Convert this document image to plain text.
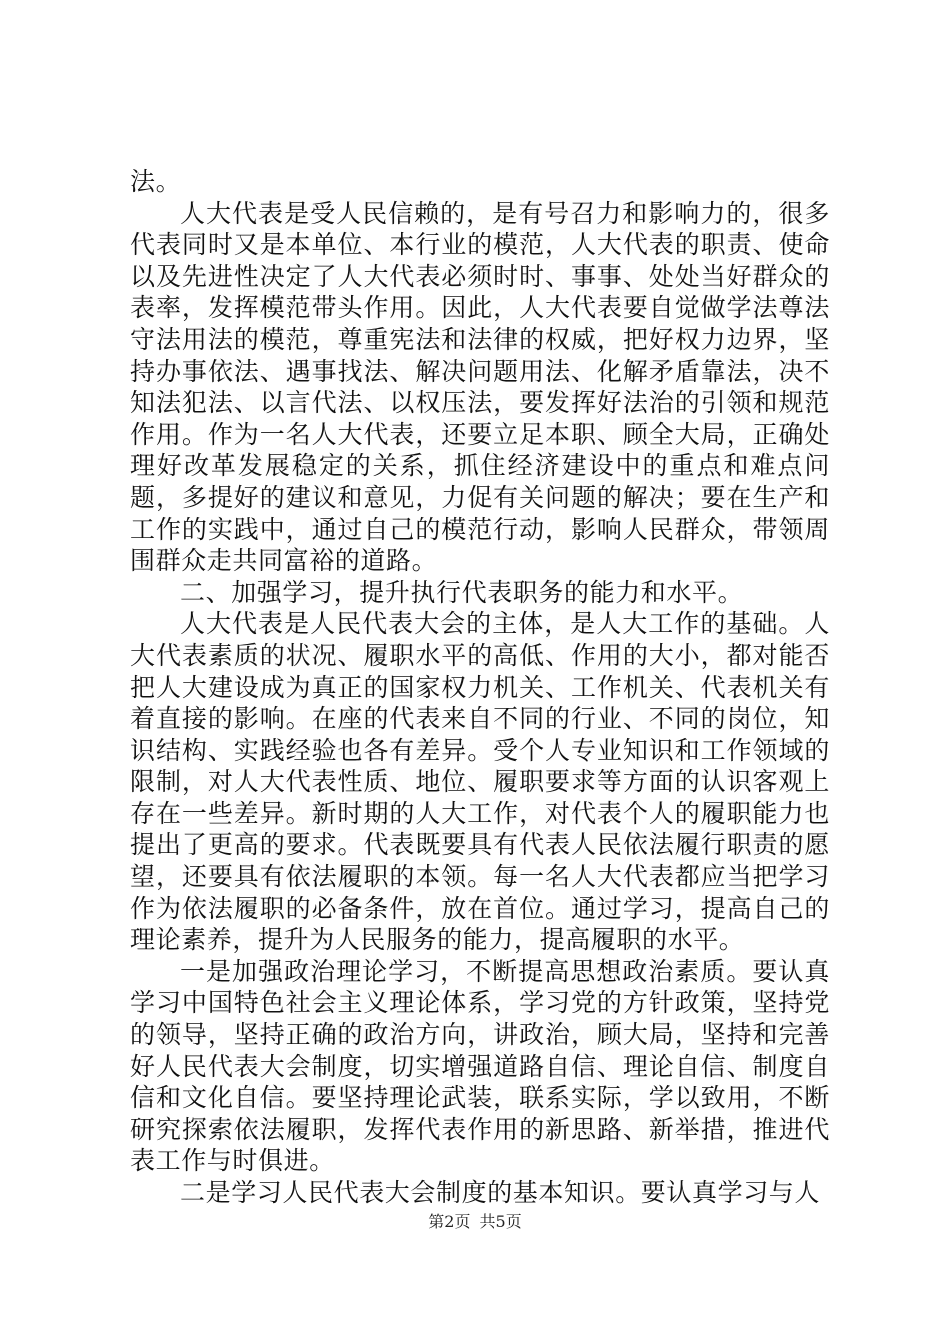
法。

人大代表是受人民信赖的，是有号召力和影响力的，很多代表同时又是本单位、本行业的模范，人大代表的职责、使命以及先进性决定了人大代表必须时时、事事、处处当好群众的表率，发挥模范带头作用。因此，人大代表要自觉做学法尊法守法用法的模范，尊重宪法和法律的权威，把好权力边界，坚持办事依法、遇事找法、解决问题用法、化解矛盾靠法，决不知法犯法、以言代法、以权压法，要发挥好法治的引领和规范作用。作为一名人大代表，还要立足本职、顾全大局，正确处理好改革发展稳定的关系，抓住经济建设中的重点和难点问题，多提好的建议和意见，力促有关问题的解决；要在生产和工作的实践中，通过自己的模范行动，影响人民群众，带领周围群众走共同富裕的道路。

二、加强学习，提升执行代表职务的能力和水平。

人大代表是人民代表大会的主体，是人大工作的基础。人大代表素质的状况、履职水平的高低、作用的大小，都对能否把人大建设成为真正的国家权力机关、工作机关、代表机关有着直接的影响。在座的代表来自不同的行业、不同的岗位，知识结构、实践经验也各有差异。受个人专业知识和工作领域的限制，对人大代表性质、地位、履职要求等方面的认识客观上存在一些差异。新时期的人大工作，对代表个人的履职能力也提出了更高的要求。代表既要具有代表人民依法履行职责的愿望，还要具有依法履职的本领。每一名人大代表都应当把学习作为依法履职的必备条件，放在首位。通过学习，提高自己的理论素养，提升为人民服务的能力，提高履职的水平。

一是加强政治理论学习，不断提高思想政治素质。要认真学习中国特色社会主义理论体系，学习党的方针政策，坚持党的领导，坚持正确的政治方向，讲政治，顾大局，坚持和完善好人民代表大会制度，切实增强道路自信、理论自信、制度自信和文化自信。要坚持理论武装，联系实际，学以致用，不断研究探索依法履职，发挥代表作用的新思路、新举措，推进代表工作与时俱进。

二是学习人民代表大会制度的基本知识。要认真学习与人

第2页 共5页
